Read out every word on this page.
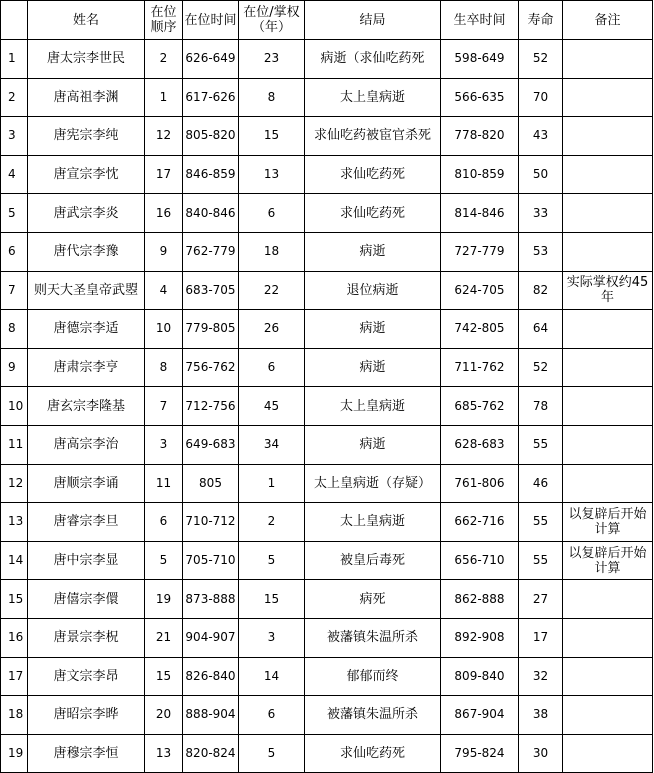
	姓名	在位顺序	在位时间	在位/掌权（年）	结局	生卒时间	寿命	备注
1	唐太宗李世民	2	626-649	23	病逝（求仙吃药死	598-649	52	
2	唐高祖李渊	1	617-626	8	太上皇病逝	566-635	70	
3	唐宪宗李纯	12	805-820	15	求仙吃药被宦官杀死	778-820	43	
4	唐宣宗李忱	17	846-859	13	求仙吃药死	810-859	50	
5	唐武宗李炎	16	840-846	6	求仙吃药死	814-846	33	
6	唐代宗李豫	9	762-779	18	病逝	727-779	53	
7	则天大圣皇帝武曌	4	683-705	22	退位病逝	624-705	82	实际掌权约45年
8	唐德宗李适	10	779-805	26	病逝	742-805	64	
9	唐肃宗李亨	8	756-762	6	病逝	711-762	52	
10	唐玄宗李隆基	7	712-756	45	太上皇病逝	685-762	78	
11	唐高宗李治	3	649-683	34	病逝	628-683	55	
12	唐顺宗李诵	11	805	1	太上皇病逝（存疑）	761-806	46	
13	唐睿宗李旦	6	710-712	2	太上皇病逝	662-716	55	以复辟后开始计算
14	唐中宗李显	5	705-710	5	被皇后毒死	656-710	55	以复辟后开始计算
15	唐僖宗李儇	19	873-888	15	病死	862-888	27	
16	唐景宗李柷	21	904-907	3	被藩镇朱温所杀	892-908	17	
17	唐文宗李昂	15	826-840	14	郁郁而终	809-840	32	
18	唐昭宗李晔	20	888-904	6	被藩镇朱温所杀	867-904	38	
19	唐穆宗李恒	13	820-824	5	求仙吃药死	795-824	30	
